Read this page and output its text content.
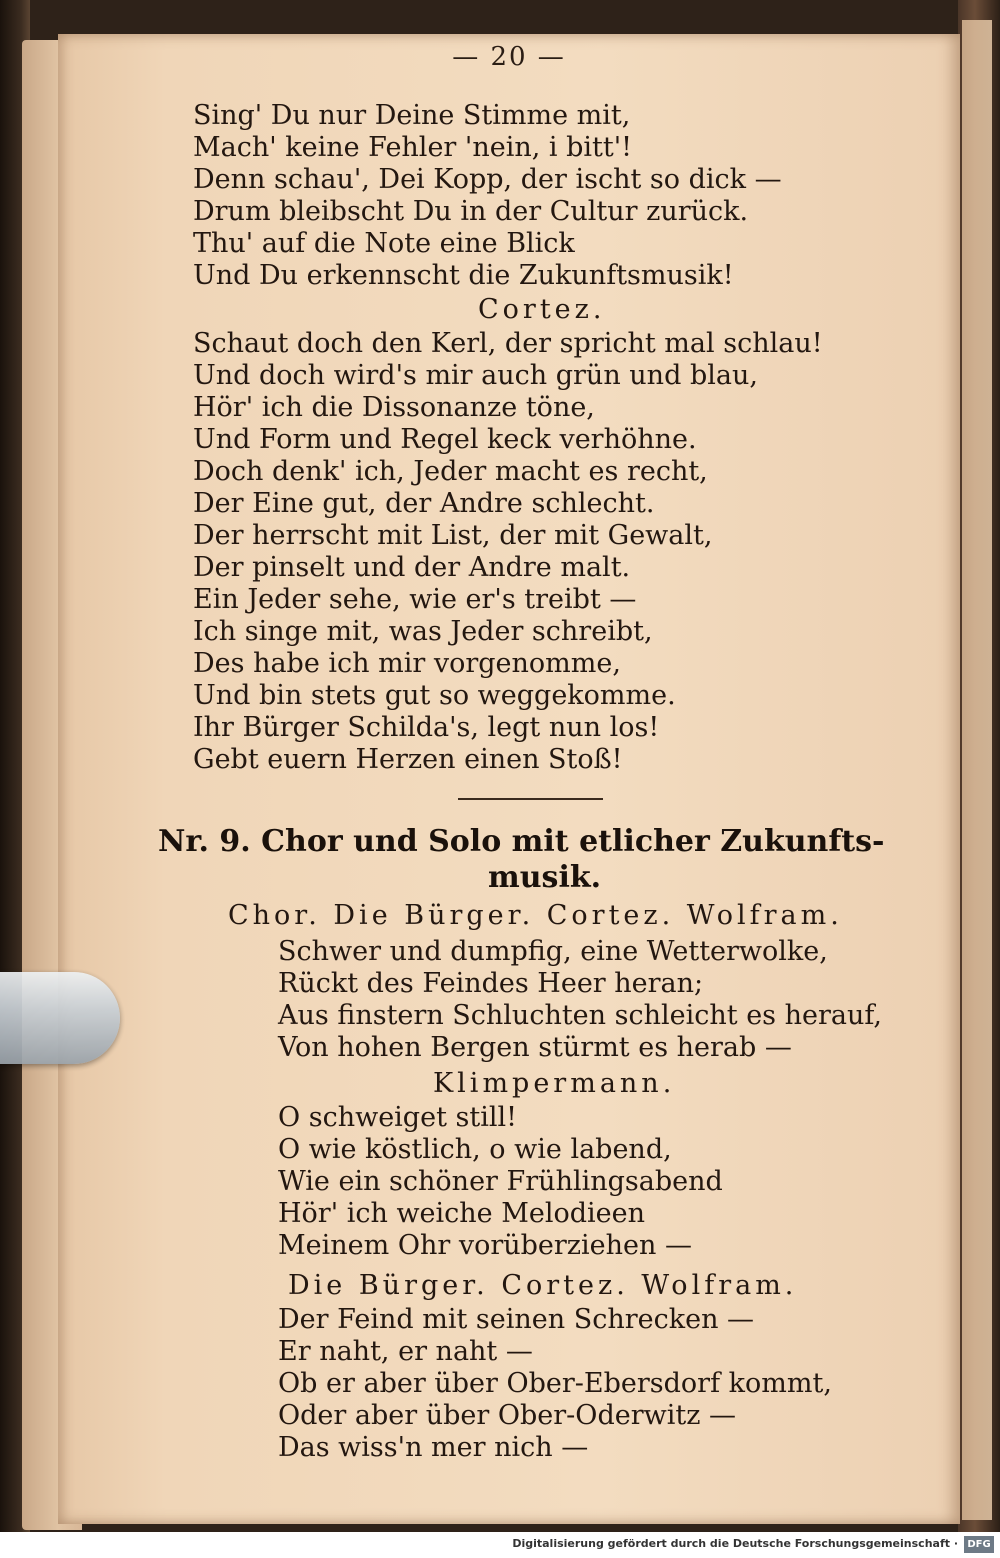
— 20 —
Sing' Du nur Deine Stimme mit,
Mach' keine Fehler 'nein, i bitt'!
Denn schau', Dei Kopp, der ischt so dick —
Drum bleibscht Du in der Cultur zurück.
Thu' auf die Note eine Blick
Und Du erkennscht die Zukunftsmusik!
Cortez.
Schaut doch den Kerl, der spricht mal schlau!
Und doch wird's mir auch grün und blau,
Hör' ich die Dissonanze töne,
Und Form und Regel keck verhöhne.
Doch denk' ich, Jeder macht es recht,
Der Eine gut, der Andre schlecht.
Der herrscht mit List, der mit Gewalt,
Der pinselt und der Andre malt.
Ein Jeder sehe, wie er's treibt —
Ich singe mit, was Jeder schreibt,
Des habe ich mir vorgenomme,
Und bin stets gut so weggekomme.
Ihr Bürger Schilda's, legt nun los!
Gebt euern Herzen einen Stoß!
Nr. 9. Chor und Solo mit etlicher Zukunfts-
musik.
Chor. Die Bürger. Cortez. Wolfram.
Schwer und dumpfig, eine Wetterwolke,
Rückt des Feindes Heer heran;
Aus finstern Schluchten schleicht es herauf,
Von hohen Bergen stürmt es herab —
Klimpermann.
O schweiget still!
O wie köstlich, o wie labend,
Wie ein schöner Frühlingsabend
Hör' ich weiche Melodieen
Meinem Ohr vorüberziehen —
Die Bürger. Cortez. Wolfram.
Der Feind mit seinen Schrecken —
Er naht, er naht —
Ob er aber über Ober-Ebersdorf kommt,
Oder aber über Ober-Oderwitz —
Das wiss'n mer nich —
Digitalisierung gefördert durch die Deutsche Forschungsgemeinschaft · DFG
